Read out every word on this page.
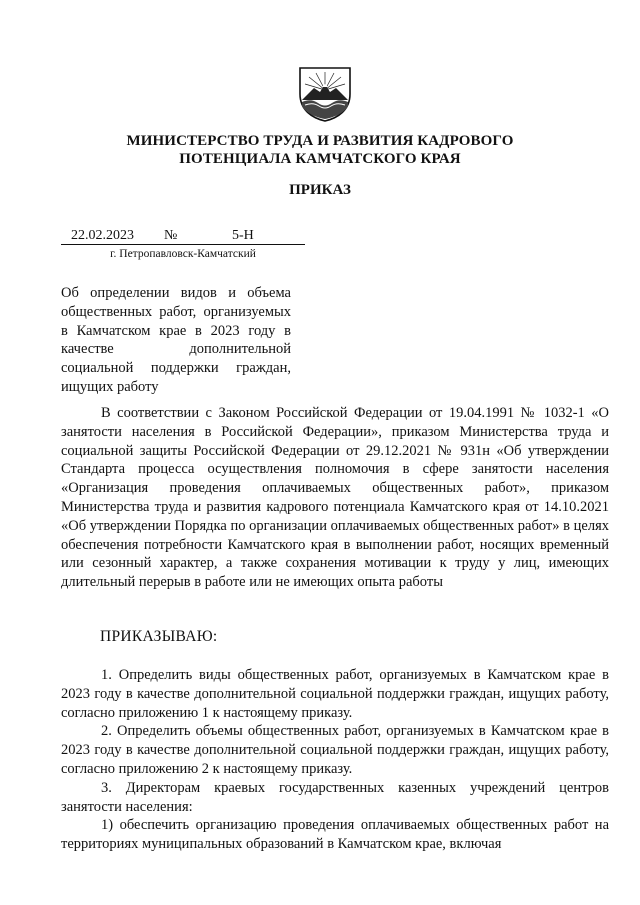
МИНИСТЕРСТВО ТРУДА И РАЗВИТИЯ КАДРОВОГО
ПОТЕНЦИАЛА КАМЧАТСКОГО КРАЯ
ПРИКАЗ
22.02.2023 №	5-Н
г. Петропавловск-Камчатский
Об определении видов и объема общественных работ, организуемых в Камчатском крае в 2023 году в качестве дополнительной социальной поддержки граждан, ищущих работу

В соответствии с Законом Российской Федерации от 19.04.1991 № 1032-1 «О занятости населения в Российской Федерации», приказом Министерства труда и социальной защиты Российской Федерации от 29.12.2021 № 931н «Об утверждении Стандарта процесса осуществления полномочия в сфере занятости населения «Организация проведения оплачиваемых общественных работ», приказом Министерства труда и развития кадрового потенциала Камчатского края от 14.10.2021 «Об утверждении Порядка по организации оплачиваемых общественных работ» в целях обеспечения потребности Камчатского края в выполнении работ, носящих временный или сезонный характер, а также сохранения мотивации к труду у лиц, имеющих длительный перерыв в работе или не имеющих опыта работы

ПРИКАЗЫВАЮ:

1. Определить виды общественных работ, организуемых в Камчатском крае в 2023 году в качестве дополнительной социальной поддержки граждан, ищущих работу, согласно приложению 1 к настоящему приказу.

2. Определить объемы общественных работ, организуемых в Камчатском крае в 2023 году в качестве дополнительной социальной поддержки граждан, ищущих работу, согласно приложению 2 к настоящему приказу.

3. Директорам краевых государственных казенных учреждений центров занятости населения:

1) обеспечить организацию проведения оплачиваемых общественных работ на территориях муниципальных образований в Камчатском крае, включая
